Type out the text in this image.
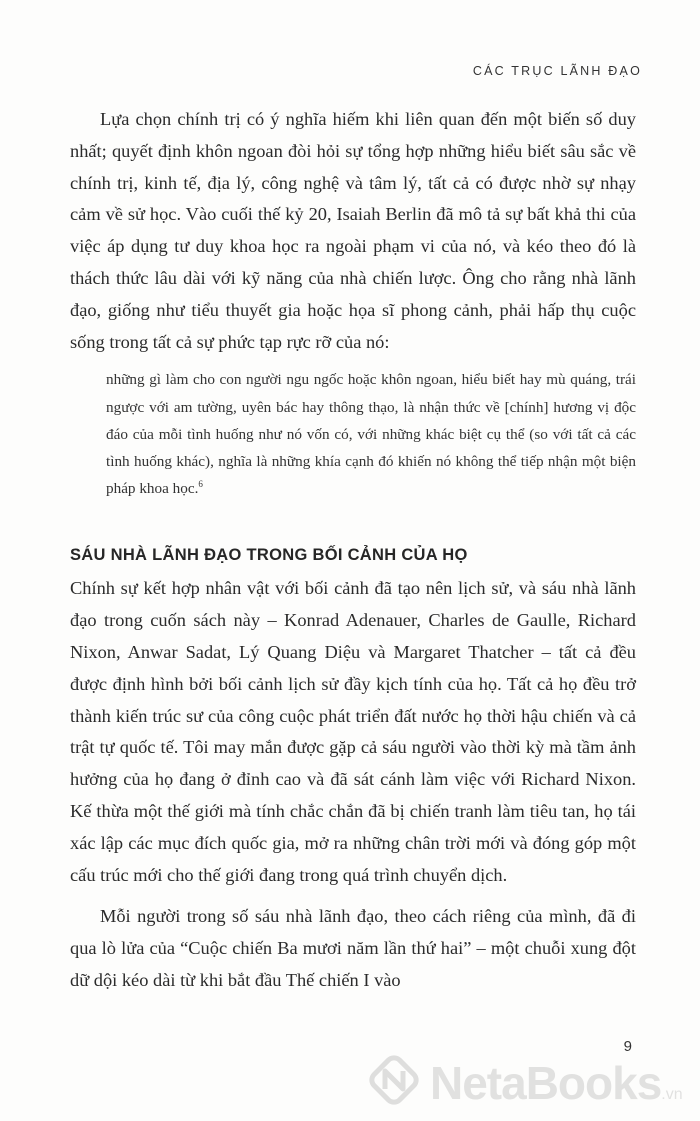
CÁC TRỤC LÃNH ĐẠO

Lựa chọn chính trị có ý nghĩa hiếm khi liên quan đến một biến số duy nhất; quyết định khôn ngoan đòi hỏi sự tổng hợp những hiểu biết sâu sắc về chính trị, kinh tế, địa lý, công nghệ và tâm lý, tất cả có được nhờ sự nhạy cảm về sử học. Vào cuối thế kỷ 20, Isaiah Berlin đã mô tả sự bất khả thi của việc áp dụng tư duy khoa học ra ngoài phạm vi của nó, và kéo theo đó là thách thức lâu dài với kỹ năng của nhà chiến lược. Ông cho rằng nhà lãnh đạo, giống như tiểu thuyết gia hoặc họa sĩ phong cảnh, phải hấp thụ cuộc sống trong tất cả sự phức tạp rực rỡ của nó:

những gì làm cho con người ngu ngốc hoặc khôn ngoan, hiểu biết hay mù quáng, trái ngược với am tường, uyên bác hay thông thạo, là nhận thức về [chính] hương vị độc đáo của mỗi tình huống như nó vốn có, với những khác biệt cụ thể (so với tất cả các tình huống khác), nghĩa là những khía cạnh đó khiến nó không thể tiếp nhận một biện pháp khoa học.$^6$

SÁU NHÀ LÃNH ĐẠO TRONG BỐI CẢNH CỦA HỌ

Chính sự kết hợp nhân vật với bối cảnh đã tạo nên lịch sử, và sáu nhà lãnh đạo trong cuốn sách này – Konrad Adenauer, Charles de Gaulle, Richard Nixon, Anwar Sadat, Lý Quang Diệu và Margaret Thatcher – tất cả đều được định hình bởi bối cảnh lịch sử đầy kịch tính của họ. Tất cả họ đều trở thành kiến trúc sư của công cuộc phát triển đất nước họ thời hậu chiến và cả trật tự quốc tế. Tôi may mắn được gặp cả sáu người vào thời kỳ mà tầm ảnh hưởng của họ đang ở đỉnh cao và đã sát cánh làm việc với Richard Nixon. Kế thừa một thế giới mà tính chắc chắn đã bị chiến tranh làm tiêu tan, họ tái xác lập các mục đích quốc gia, mở ra những chân trời mới và đóng góp một cấu trúc mới cho thế giới đang trong quá trình chuyển dịch.

Mỗi người trong số sáu nhà lãnh đạo, theo cách riêng của mình, đã đi qua lò lửa của “Cuộc chiến Ba mươi năm lần thứ hai” – một chuỗi xung đột dữ dội kéo dài từ khi bắt đầu Thế chiến I vào

9
NetaBooks.vn
